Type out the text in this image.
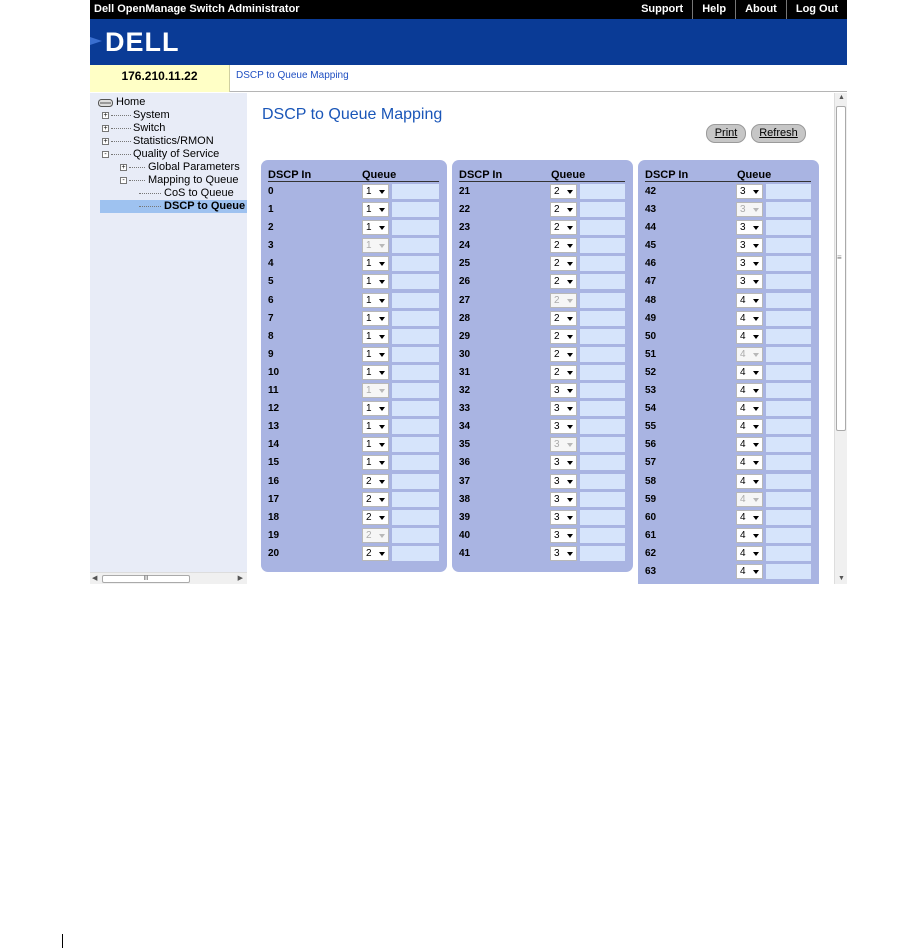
Dell OpenManage Switch Administrator	Support	Help	About	Log Out
DELL
176.210.11.22	DSCP to Queue Mapping
Home
+ System
+ Switch
+ Statistics/RMON
- Quality of Service
+ Global Parameters
- Mapping to Queue
CoS to Queue
DSCP to Queue
◀	III	▶
DSCP to Queue Mapping
Print	Refresh
DSCP In	Queue
0	1
1	1
2	1
3	1
4	1
5	1
6	1
7	1
8	1
9	1
10	1
11	1
12	1
13	1
14	1
15	1
16	2
17	2
18	2
19	2
20	2
DSCP In	Queue
21	2
22	2
23	2
24	2
25	2
26	2
27	2
28	2
29	2
30	2
31	2
32	3
33	3
34	3
35	3
36	3
37	3
38	3
39	3
40	3
41	3
DSCP In	Queue
42	3
43	3
44	3
45	3
46	3
47	3
48	4
49	4
50	4
51	4
52	4
53	4
54	4
55	4
56	4
57	4
58	4
59	4
60	4
61	4
62	4
63	4
▲
≡
▼
